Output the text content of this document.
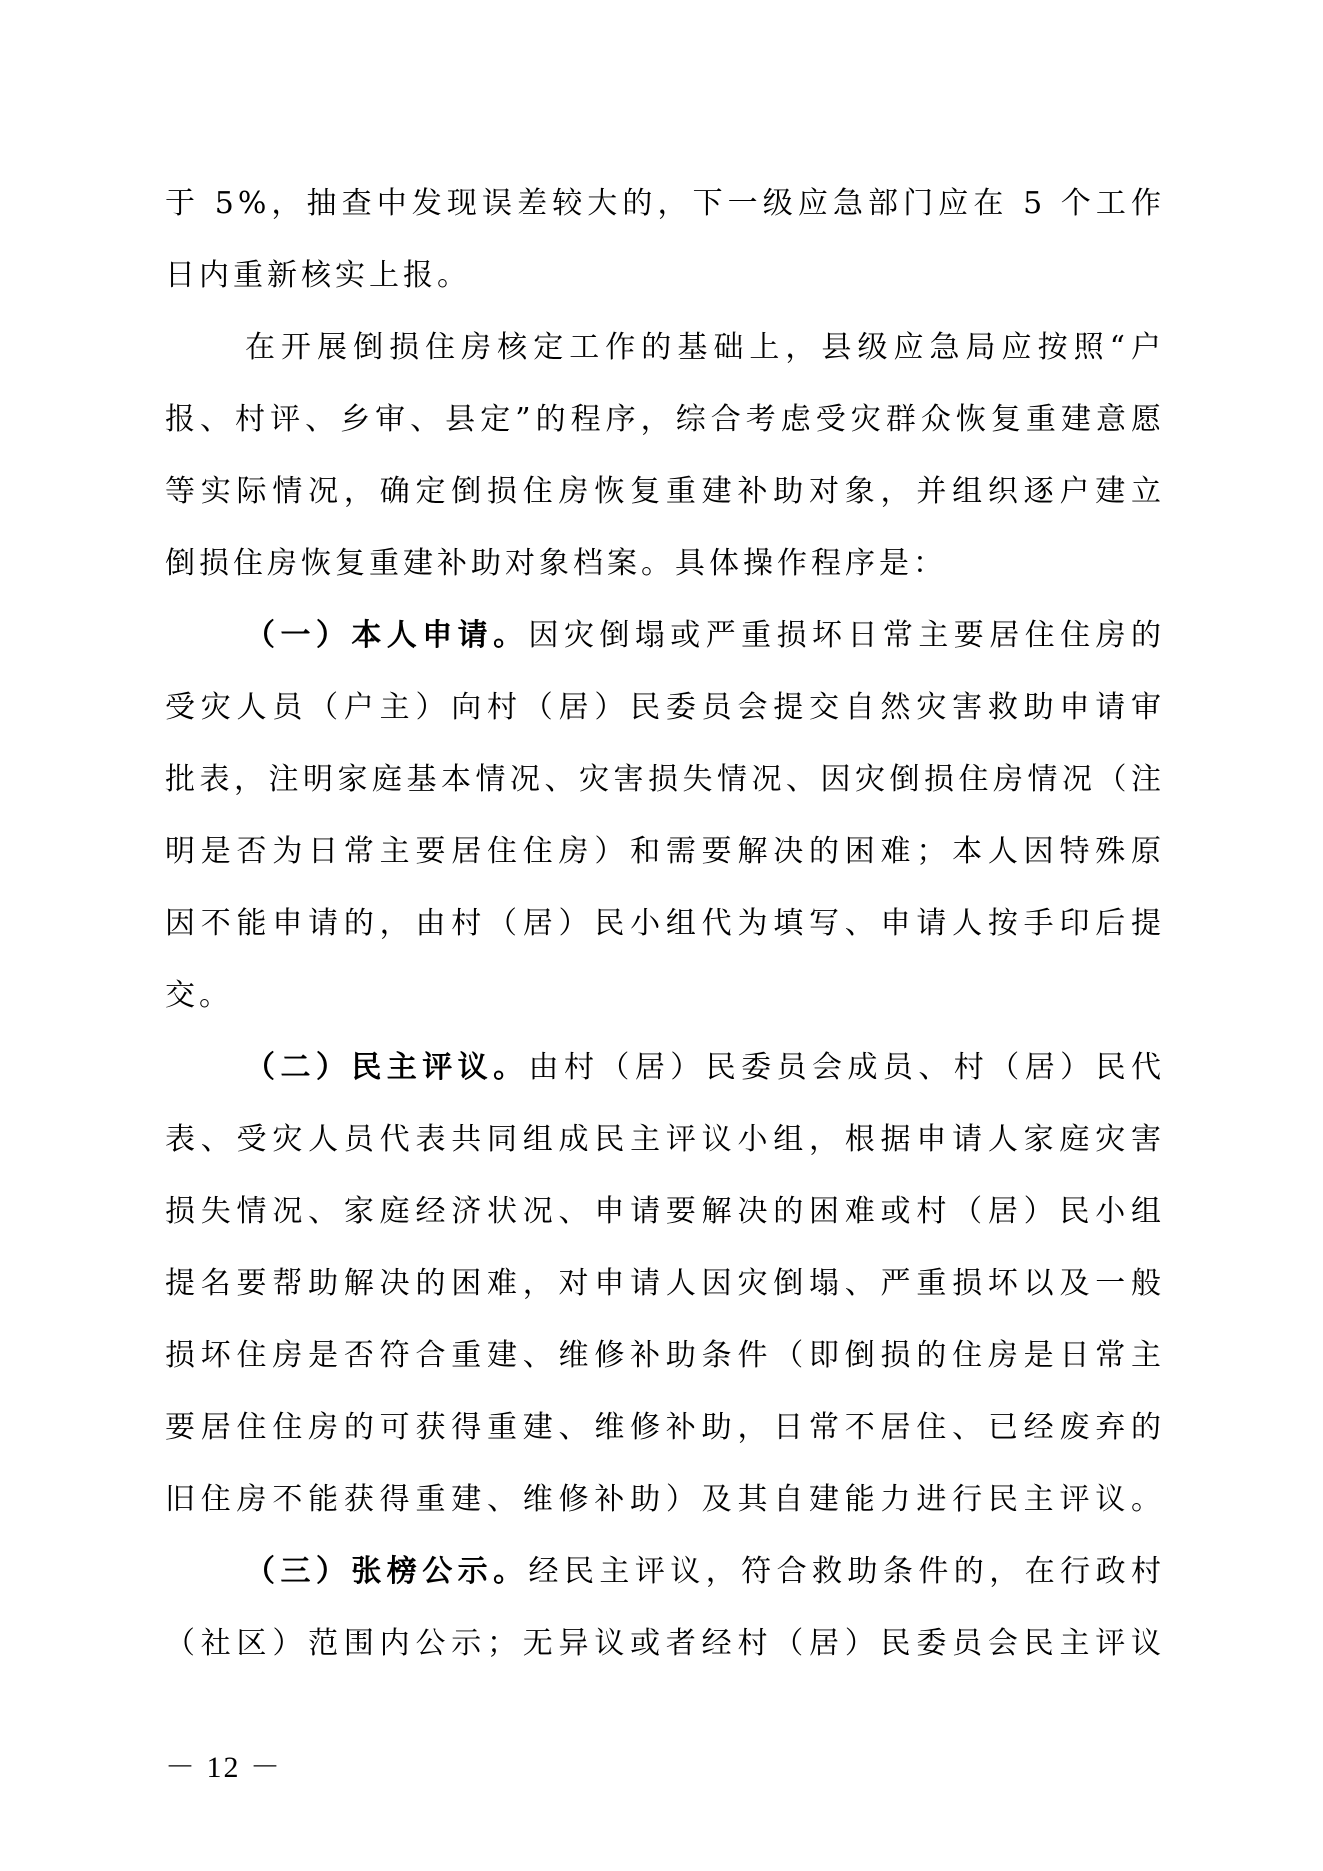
于 5%，抽查中发现误差较大的，下一级应急部门应在 5 个工作
日内重新核实上报。
在开展倒损住房核定工作的基础上，县级应急局应按照“户
报、村评、乡审、县定”的程序，综合考虑受灾群众恢复重建意愿
等实际情况，确定倒损住房恢复重建补助对象，并组织逐户建立
倒损住房恢复重建补助对象档案。具体操作程序是：
（一）本人申请。因灾倒塌或严重损坏日常主要居住住房的
受灾人员（户主）向村（居）民委员会提交自然灾害救助申请审
批表，注明家庭基本情况、灾害损失情况、因灾倒损住房情况（注
明是否为日常主要居住住房）和需要解决的困难；本人因特殊原
因不能申请的，由村（居）民小组代为填写、申请人按手印后提
交。
（二）民主评议。由村（居）民委员会成员、村（居）民代
表、受灾人员代表共同组成民主评议小组，根据申请人家庭灾害
损失情况、家庭经济状况、申请要解决的困难或村（居）民小组
提名要帮助解决的困难，对申请人因灾倒塌、严重损坏以及一般
损坏住房是否符合重建、维修补助条件（即倒损的住房是日常主
要居住住房的可获得重建、维修补助，日常不居住、已经废弃的
旧住房不能获得重建、维修补助）及其自建能力进行民主评议。
（三）张榜公示。经民主评议，符合救助条件的，在行政村
（社区）范围内公示；无异议或者经村（居）民委员会民主评议
－ 12 －
